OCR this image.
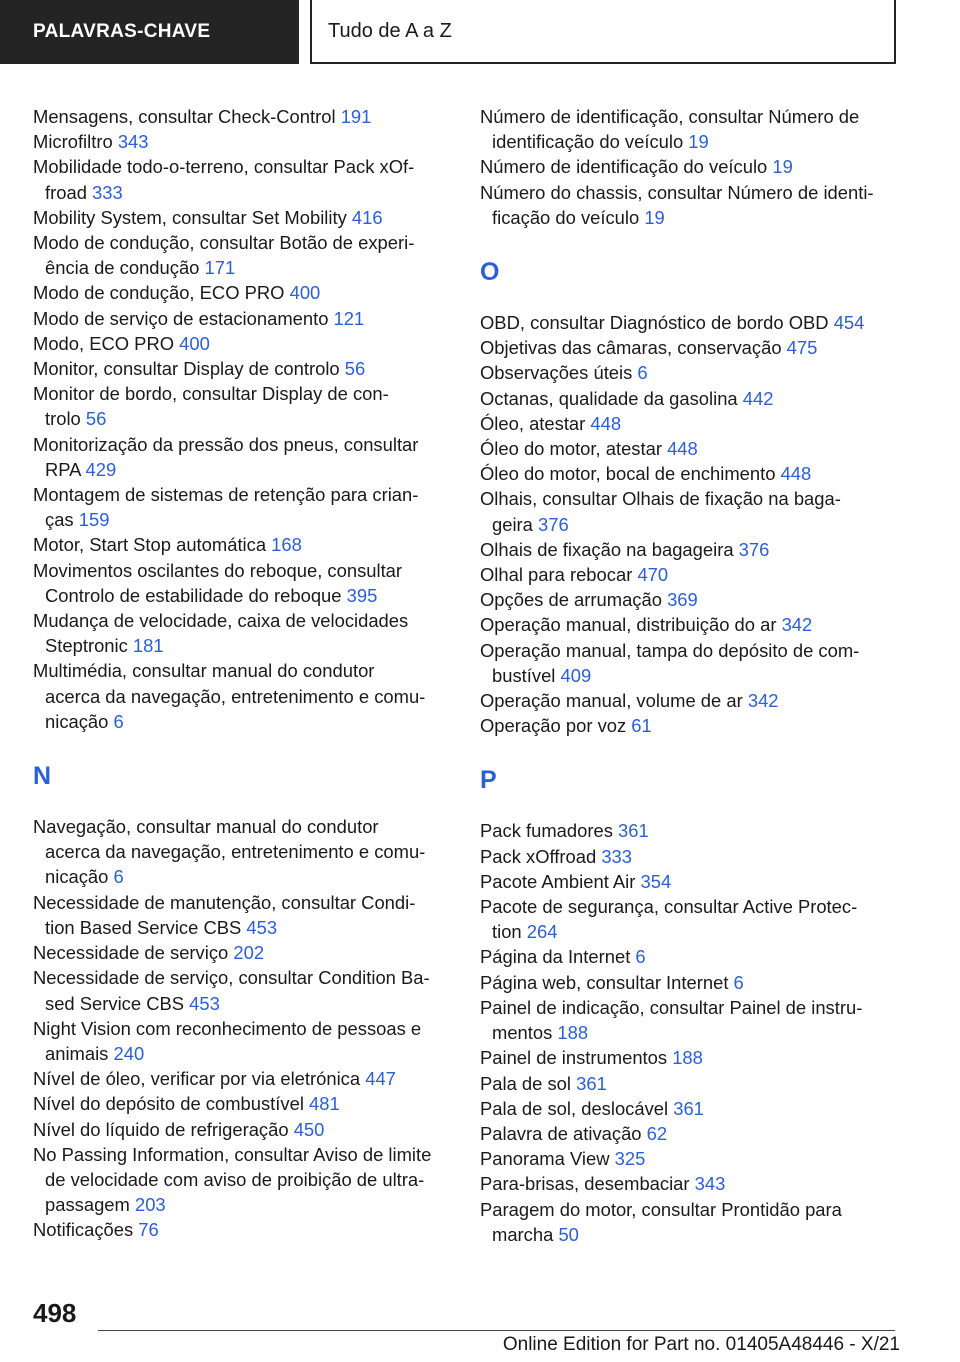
PALAVRAS-CHAVE	Tudo de A a Z
Mensagens, consultar Check-Control 191
Microfiltro 343
Mobilidade todo-o-terreno, consultar Pack xOf-
froad 333
Mobility System, consultar Set Mobility 416
Modo de condução, consultar Botão de experi-
ência de condução 171
Modo de condução, ECO PRO 400
Modo de serviço de estacionamento 121
Modo, ECO PRO 400
Monitor, consultar Display de controlo 56
Monitor de bordo, consultar Display de con-
trolo 56
Monitorização da pressão dos pneus, consultar
RPA 429
Montagem de sistemas de retenção para crian-
ças 159
Motor, Start Stop automática 168
Movimentos oscilantes do reboque, consultar
Controlo de estabilidade do reboque 395
Mudança de velocidade, caixa de velocidades
Steptronic 181
Multimédia, consultar manual do condutor
acerca da navegação, entretenimento e comu-
nicação 6
N
Navegação, consultar manual do condutor
acerca da navegação, entretenimento e comu-
nicação 6
Necessidade de manutenção, consultar Condi-
tion Based Service CBS 453
Necessidade de serviço 202
Necessidade de serviço, consultar Condition Ba-
sed Service CBS 453
Night Vision com reconhecimento de pessoas e
animais 240
Nível de óleo, verificar por via eletrónica 447
Nível do depósito de combustível 481
Nível do líquido de refrigeração 450
No Passing Information, consultar Aviso de limite
de velocidade com aviso de proibição de ultra-
passagem 203
Notificações 76
Número de identificação, consultar Número de
identificação do veículo 19
Número de identificação do veículo 19
Número do chassis, consultar Número de identi-
ficação do veículo 19
O
OBD, consultar Diagnóstico de bordo OBD 454
Objetivas das câmaras, conservação 475
Observações úteis 6
Octanas, qualidade da gasolina 442
Óleo, atestar 448
Óleo do motor, atestar 448
Óleo do motor, bocal de enchimento 448
Olhais, consultar Olhais de fixação na baga-
geira 376
Olhais de fixação na bagageira 376
Olhal para rebocar 470
Opções de arrumação 369
Operação manual, distribuição do ar 342
Operação manual, tampa do depósito de com-
bustível 409
Operação manual, volume de ar 342
Operação por voz 61
P
Pack fumadores 361
Pack xOffroad 333
Pacote Ambient Air 354
Pacote de segurança, consultar Active Protec-
tion 264
Página da Internet 6
Página web, consultar Internet 6
Painel de indicação, consultar Painel de instru-
mentos 188
Painel de instrumentos 188
Pala de sol 361
Pala de sol, deslocável 361
Palavra de ativação 62
Panorama View 325
Para-brisas, desembaciar 343
Paragem do motor, consultar Prontidão para
marcha 50
498
Online Edition for Part no. 01405A48446 - X/21
